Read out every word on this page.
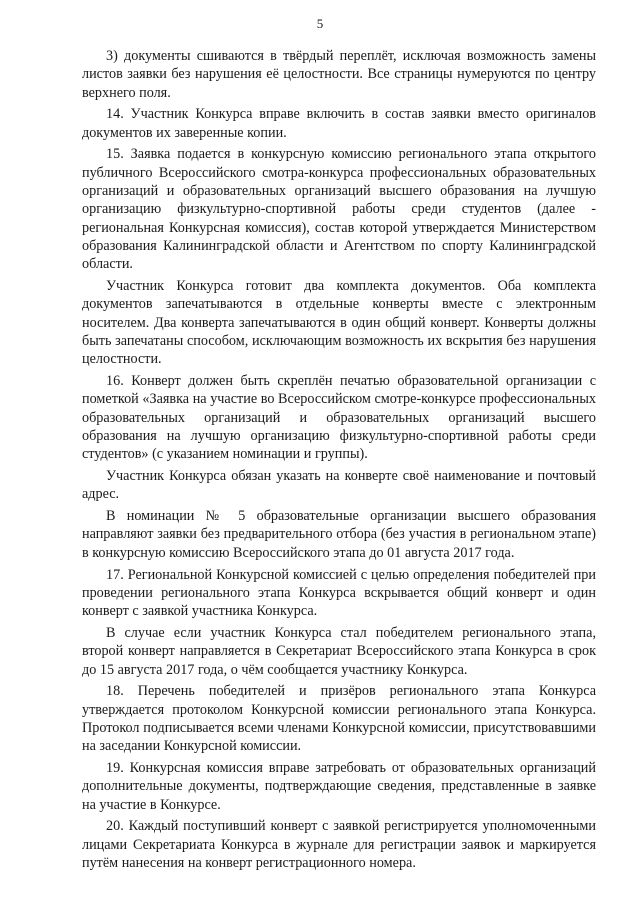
5

3) документы сшиваются в твёрдый переплёт, исключая возможность замены листов заявки без нарушения её целостности. Все страницы нумеруются по центру верхнего поля.

14. Участник Конкурса вправе включить в состав заявки вместо оригиналов документов их заверенные копии.

15. Заявка подается в конкурсную комиссию регионального этапа открытого публичного Всероссийского смотра-конкурса профессиональных образовательных организаций и образовательных организаций высшего образования на лучшую организацию физкультурно-спортивной работы среди студентов (далее - региональная Конкурсная комиссия), состав которой утверждается Министерством образования Калининградской области и Агентством по спорту Калининградской области.

Участник Конкурса готовит два комплекта документов. Оба комплекта документов запечатываются в отдельные конверты вместе с электронным носителем. Два конверта запечатываются в один общий конверт. Конверты должны быть запечатаны способом, исключающим возможность их вскрытия без нарушения целостности.

16. Конверт должен быть скреплён печатью образовательной организации с пометкой «Заявка на участие во Всероссийском смотре-конкурсе профессиональных образовательных организаций и образовательных организаций высшего образования на лучшую организацию физкультурно-спортивной работы среди студентов» (с указанием номинации и группы).

Участник Конкурса обязан указать на конверте своё наименование и почтовый адрес.

В номинации № 5 образовательные организации высшего образования направляют заявки без предварительного отбора (без участия в региональном этапе) в конкурсную комиссию Всероссийского этапа до 01 августа 2017 года.

17. Региональной Конкурсной комиссией с целью определения победителей при проведении регионального этапа Конкурса вскрывается общий конверт и один конверт с заявкой участника Конкурса.

В случае если участник Конкурса стал победителем регионального этапа, второй конверт направляется в Секретариат Всероссийского этапа Конкурса в срок до 15 августа 2017 года, о чём сообщается участнику Конкурса.

18. Перечень победителей и призёров регионального этапа Конкурса утверждается протоколом Конкурсной комиссии регионального этапа Конкурса. Протокол подписывается всеми членами Конкурсной комиссии, присутствовавшими на заседании Конкурсной комиссии.

19. Конкурсная комиссия вправе затребовать от образовательных организаций дополнительные документы, подтверждающие сведения, представленные в заявке на участие в Конкурсе.

20. Каждый поступивший конверт с заявкой регистрируется уполномоченными лицами Секретариата Конкурса в журнале для регистрации заявок и маркируется путём нанесения на конверт регистрационного номера.
